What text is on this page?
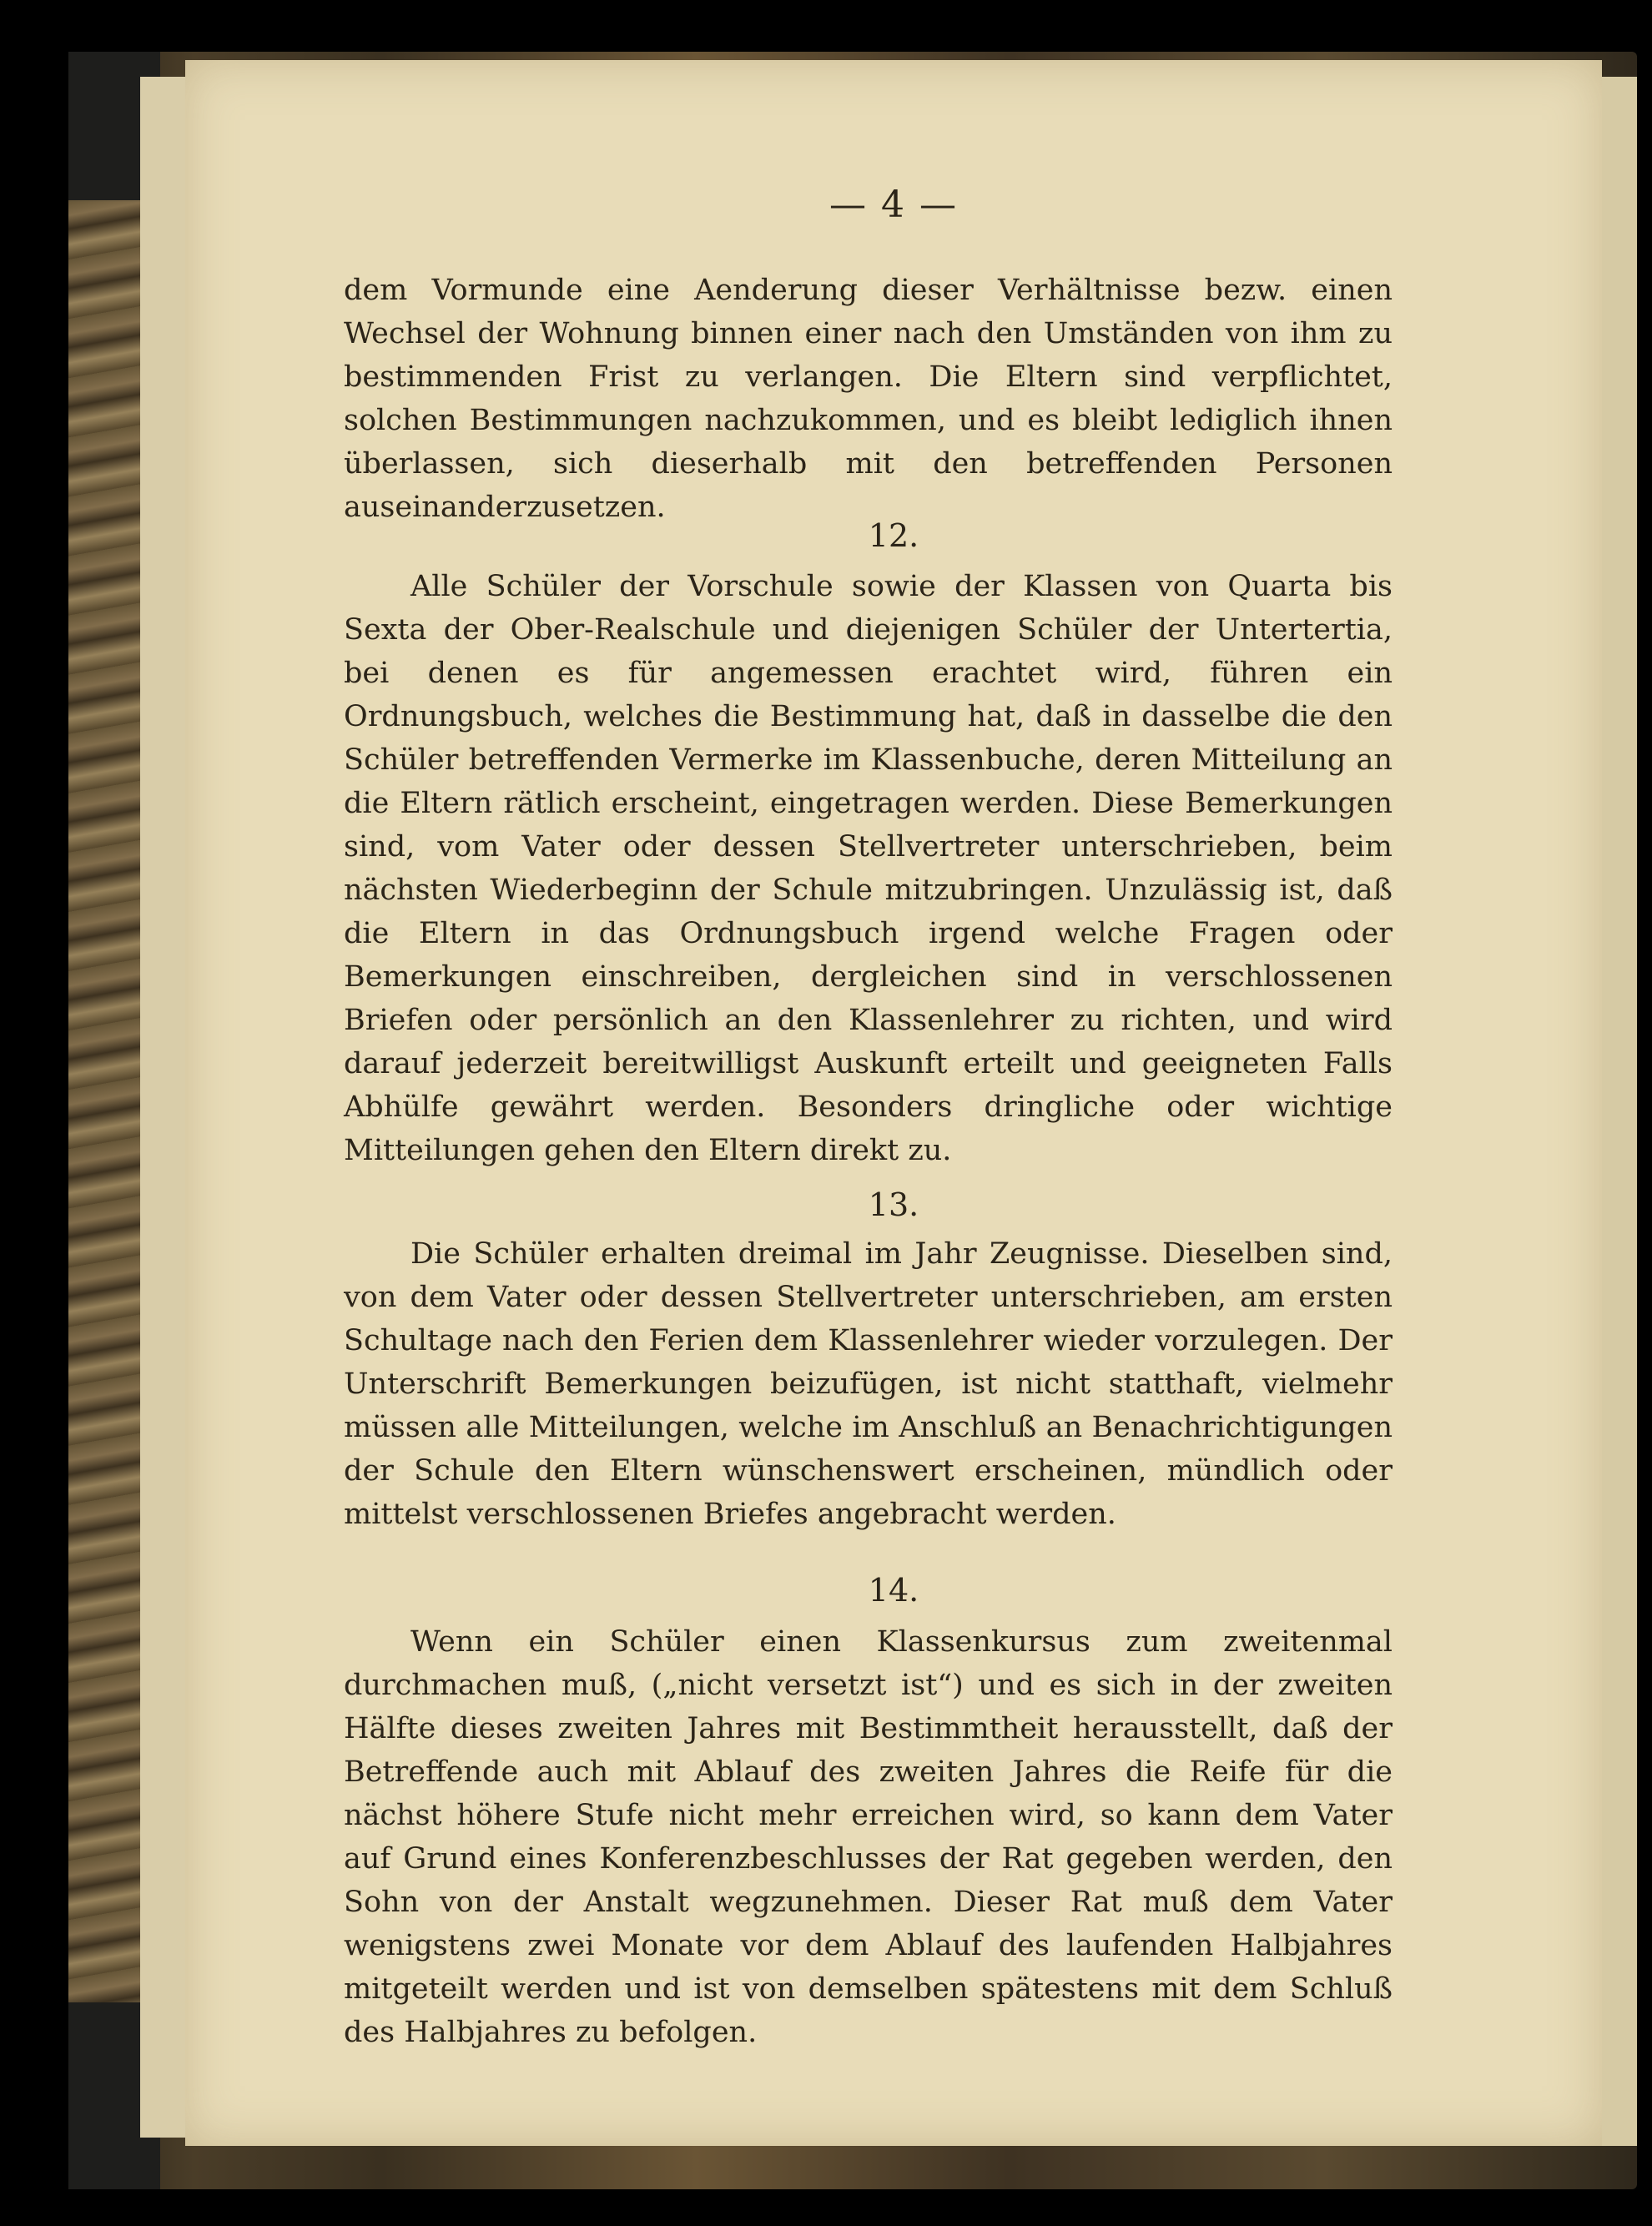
— 4 —

dem Vormunde eine Aenderung dieser Verhältnisse bezw. einen Wechsel der Wohnung binnen einer nach den Umständen von ihm zu bestimmenden Frist zu verlangen. Die Eltern sind verpflichtet, solchen Bestimmungen nachzukommen, und es bleibt lediglich ihnen überlassen, sich dieserhalb mit den betreffenden Personen auseinanderzusetzen.

12.

Alle Schüler der Vorschule sowie der Klassen von Quarta bis Sexta der Ober-Realschule und diejenigen Schüler der Untertertia, bei denen es für angemessen erachtet wird, führen ein Ordnungsbuch, welches die Bestimmung hat, daß in dasselbe die den Schüler betreffenden Vermerke im Klassenbuche, deren Mitteilung an die Eltern rätlich erscheint, eingetragen werden. Diese Bemerkungen sind, vom Vater oder dessen Stellvertreter unterschrieben, beim nächsten Wiederbeginn der Schule mitzubringen. Unzulässig ist, daß die Eltern in das Ordnungsbuch irgend welche Fragen oder Bemerkungen einschreiben, dergleichen sind in verschlossenen Briefen oder persönlich an den Klassenlehrer zu richten, und wird darauf jederzeit bereitwilligst Auskunft erteilt und geeigneten Falls Abhülfe gewährt werden. Besonders dringliche oder wichtige Mitteilungen gehen den Eltern direkt zu.

13.

Die Schüler erhalten dreimal im Jahr Zeugnisse. Dieselben sind, von dem Vater oder dessen Stellvertreter unterschrieben, am ersten Schultage nach den Ferien dem Klassenlehrer wieder vorzulegen. Der Unterschrift Bemerkungen beizufügen, ist nicht statthaft, vielmehr müssen alle Mitteilungen, welche im Anschluß an Benachrichtigungen der Schule den Eltern wünschenswert erscheinen, mündlich oder mittelst verschlossenen Briefes angebracht werden.

14.

Wenn ein Schüler einen Klassenkursus zum zweitenmal durchmachen muß, („nicht versetzt ist“) und es sich in der zweiten Hälfte dieses zweiten Jahres mit Bestimmtheit herausstellt, daß der Betreffende auch mit Ablauf des zweiten Jahres die Reife für die nächst höhere Stufe nicht mehr erreichen wird, so kann dem Vater auf Grund eines Konferenzbeschlusses der Rat gegeben werden, den Sohn von der Anstalt wegzunehmen. Dieser Rat muß dem Vater wenigstens zwei Monate vor dem Ablauf des laufenden Halbjahres mitgeteilt werden und ist von demselben spätestens mit dem Schluß des Halbjahres zu befolgen.
